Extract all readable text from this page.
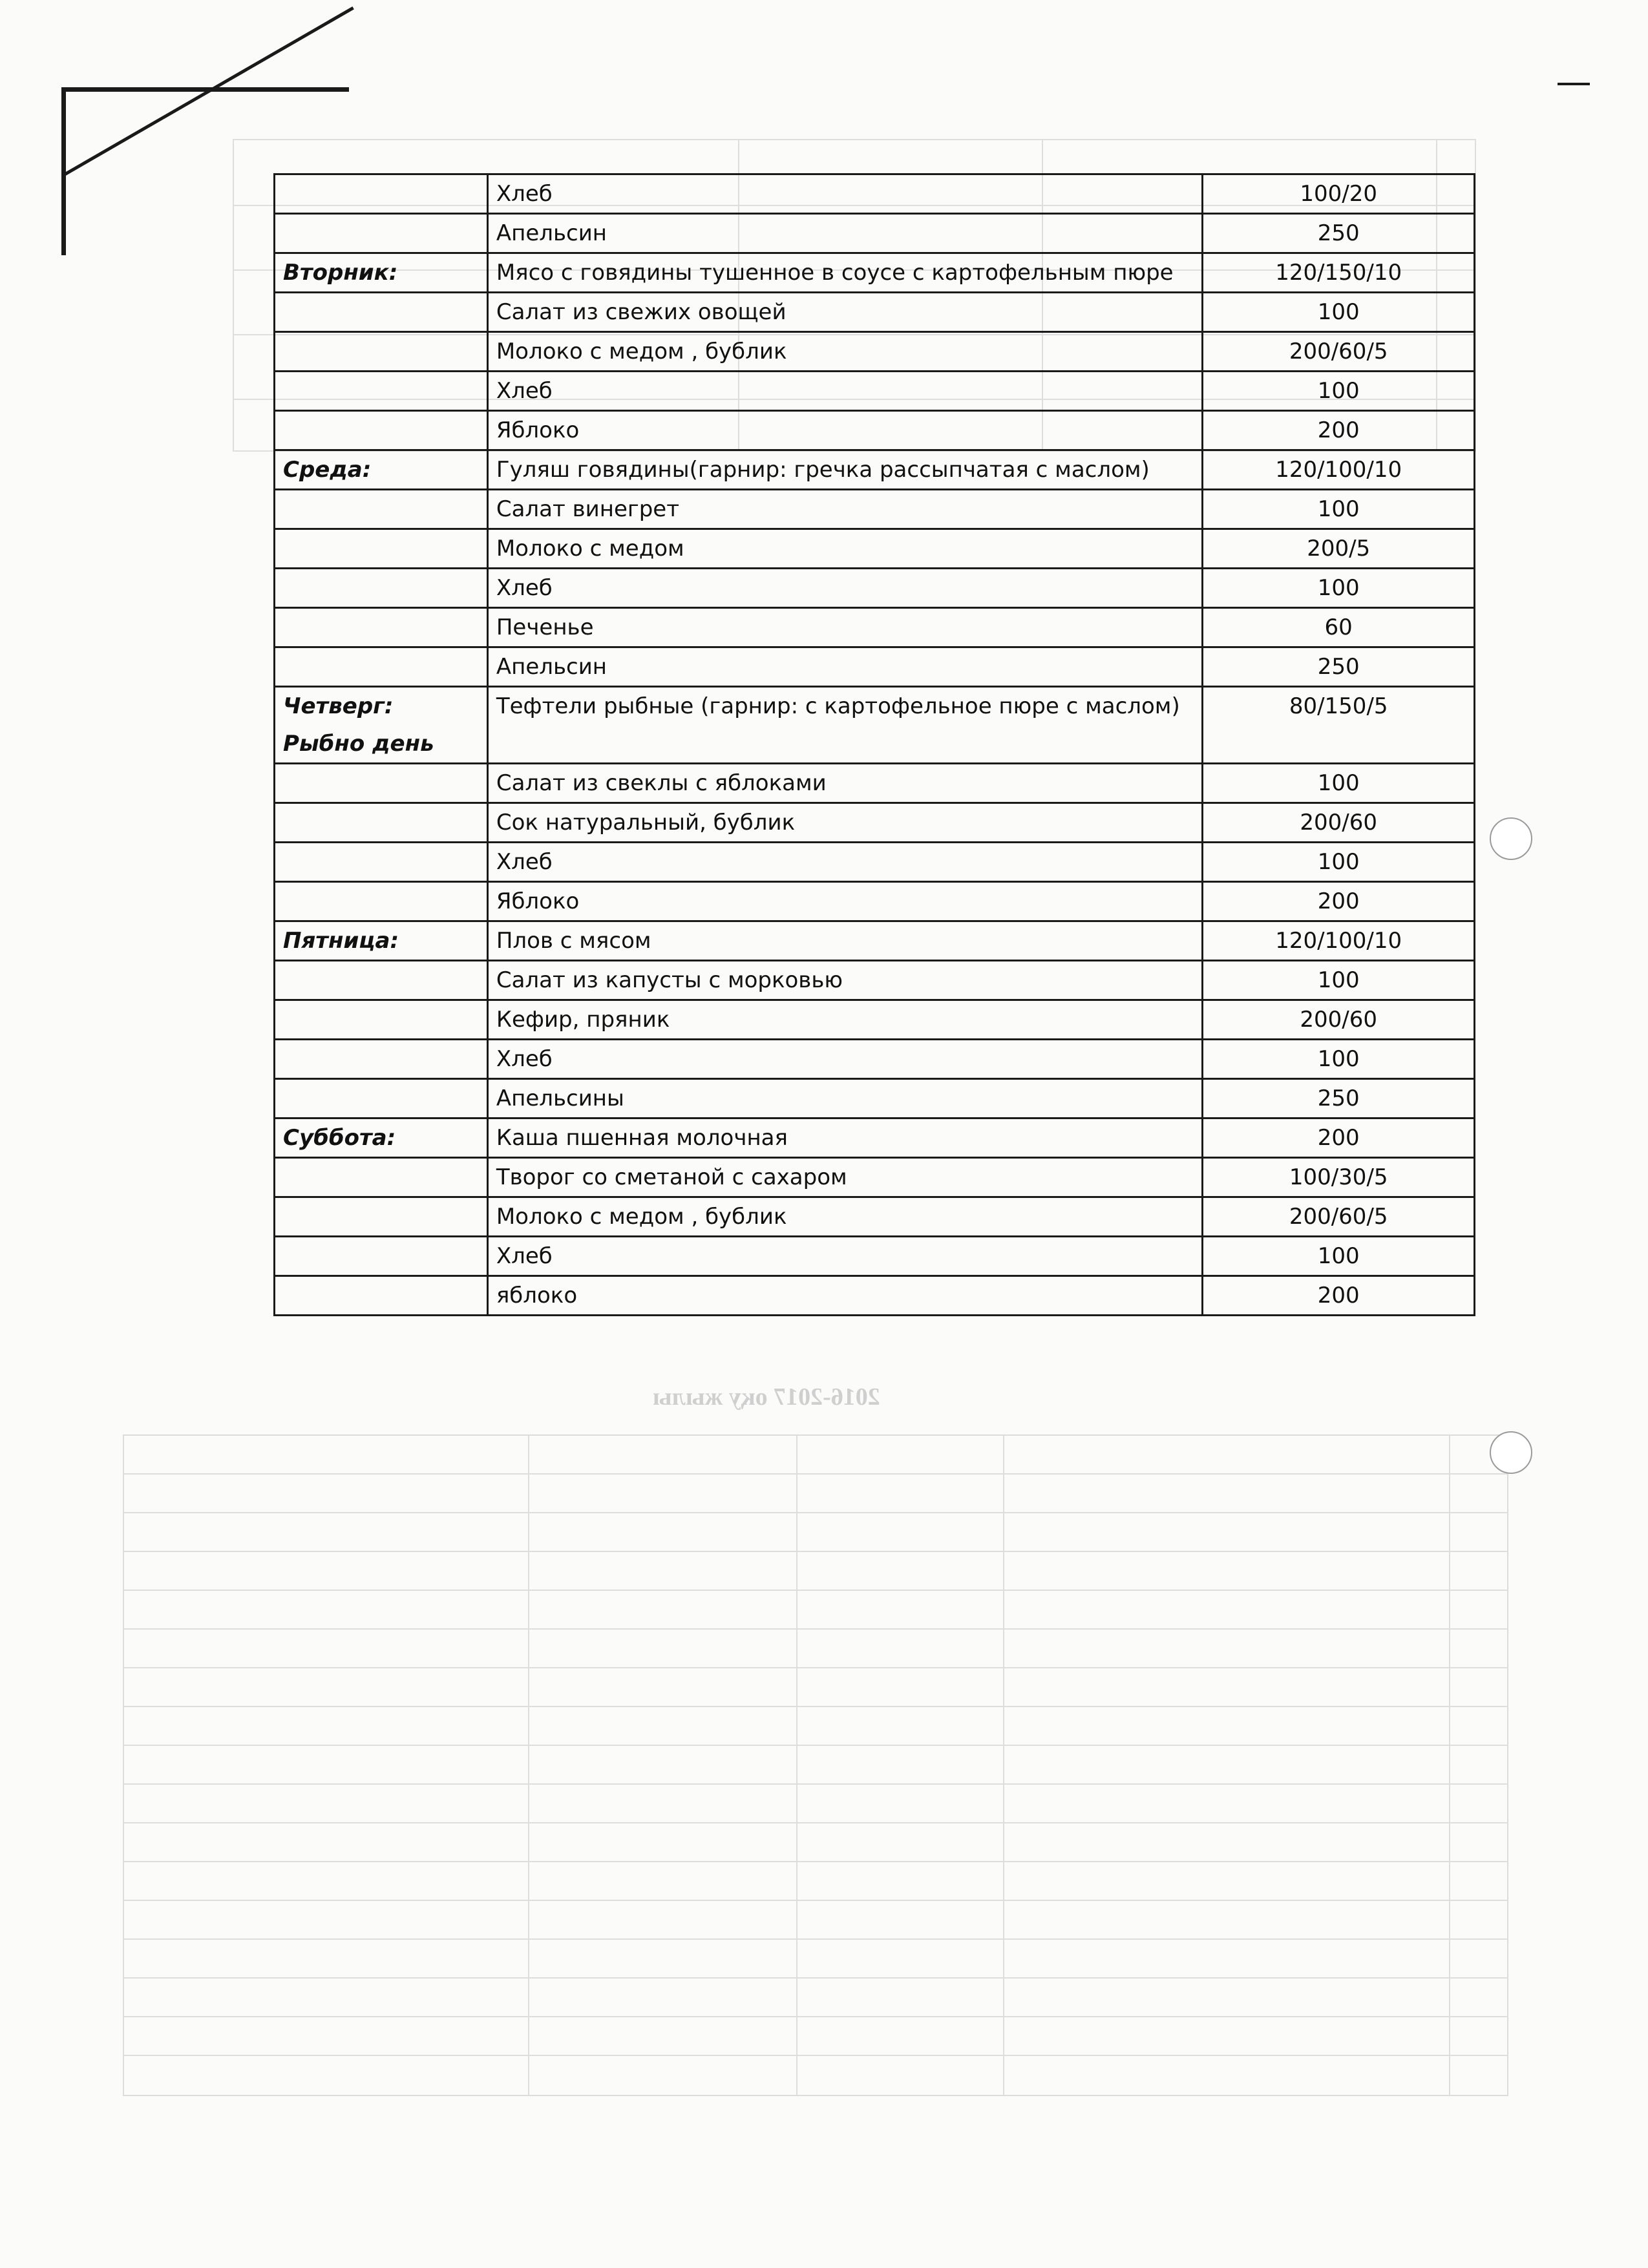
2016-2017 оқу жылы
	Хлеб	100/20
	Апельсин	250
Вторник:	Мясо с говядины тушенное в соусе с картофельным пюре	120/150/10
	Салат из свежих овощей	100
	Молоко с медом , бублик	200/60/5
	Хлеб	100
	Яблоко	200
Среда:	Гуляш говядины(гарнир: гречка рассыпчатая с маслом)	120/100/10
	Салат винегрет	100
	Молоко с медом	200/5
	Хлеб	100
	Печенье	60
	Апельсин	250
Четверг: Рыбно день	Тефтели рыбные (гарнир: с картофельное пюре с маслом)	80/150/5
	Салат из свеклы с яблоками	100
	Сок натуральный, бублик	200/60
	Хлеб	100
	Яблоко	200
Пятница:	Плов с мясом	120/100/10
	Салат из капусты с морковью	100
	Кефир, пряник	200/60
	Хлеб	100
	Апельсины	250
Суббота:	Каша пшенная молочная	200
	Творог со сметаной с сахаром	100/30/5
	Молоко с медом , бублик	200/60/5
	Хлеб	100
	яблоко	200
